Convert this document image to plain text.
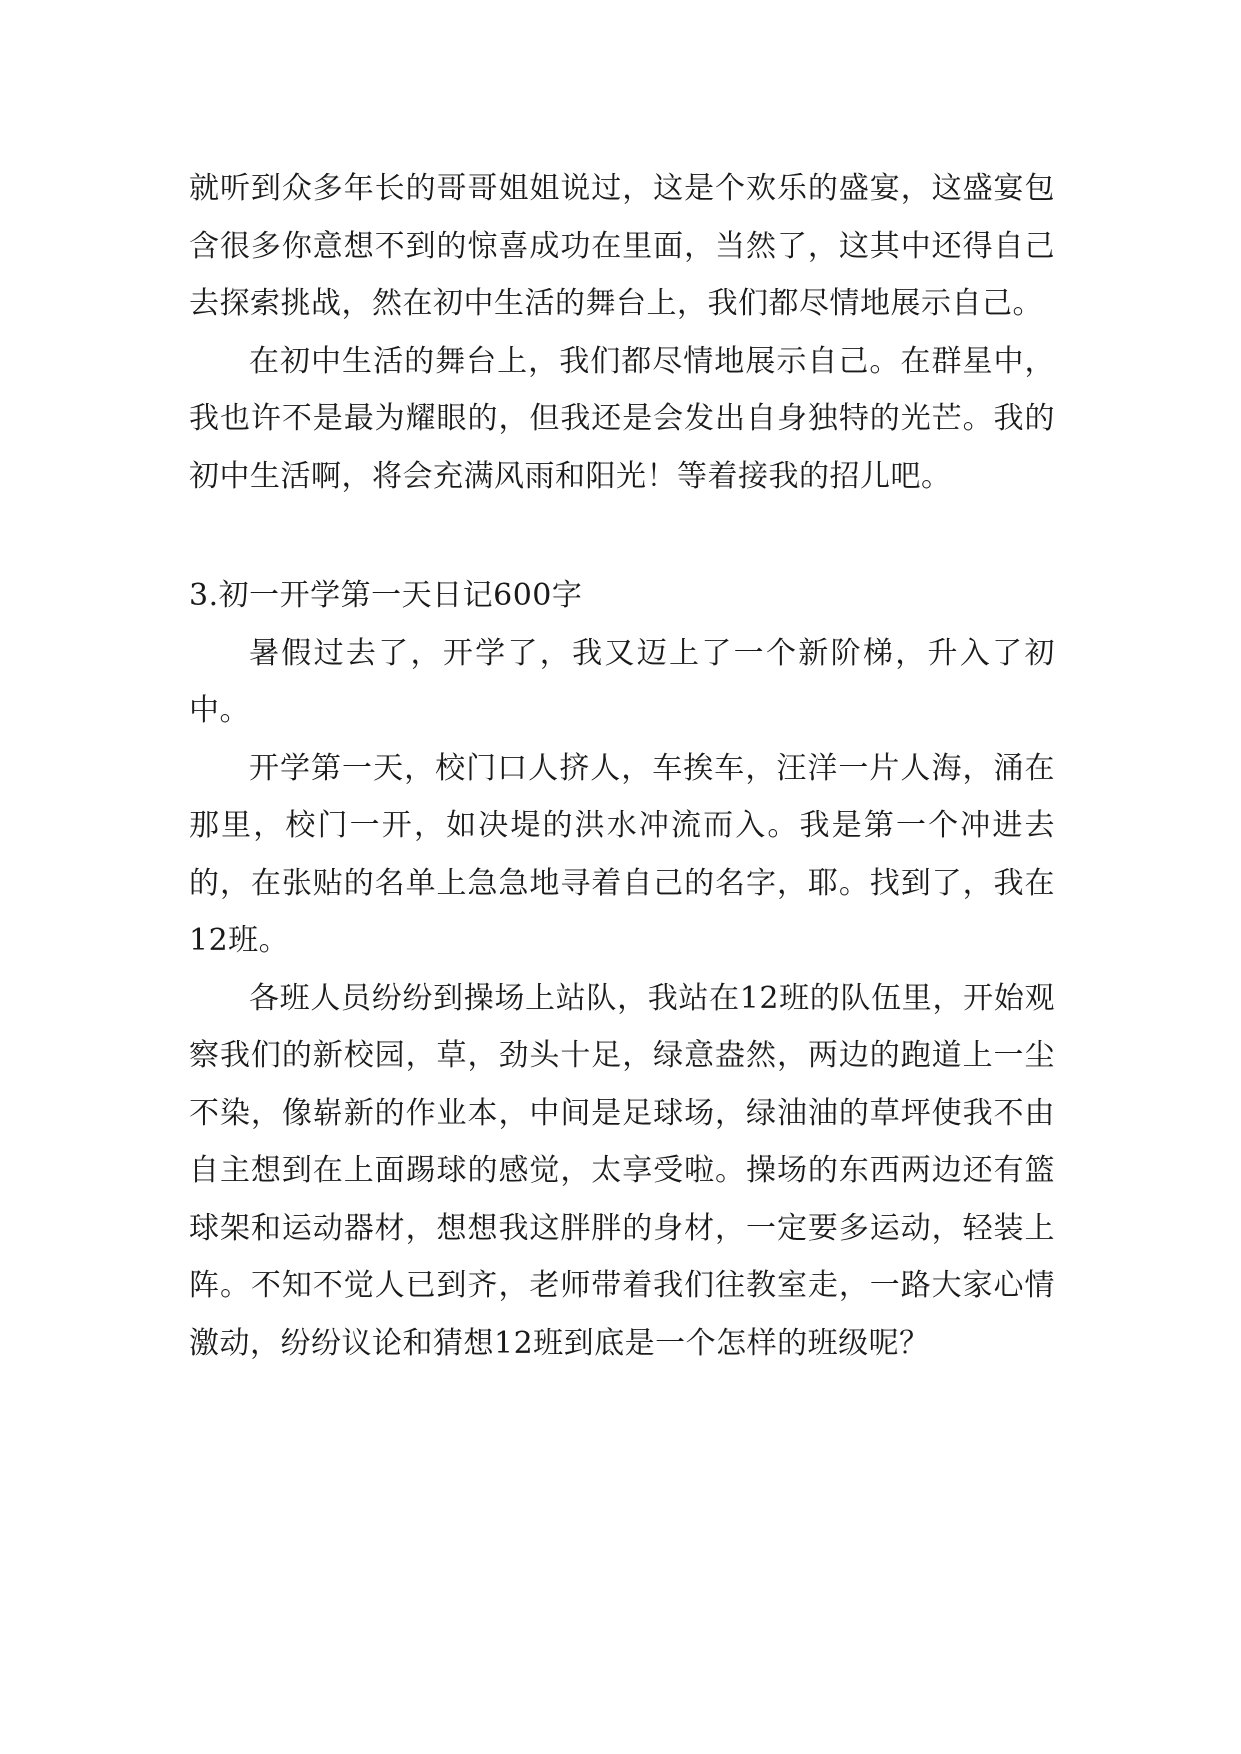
就听到众多年长的哥哥姐姐说过，这是个欢乐的盛宴，这盛宴包含很多你意想不到的惊喜成功在里面，当然了，这其中还得自己去探索挑战，然在初中生活的舞台上，我们都尽情地展示自己。

在初中生活的舞台上，我们都尽情地展示自己。在群星中，我也许不是最为耀眼的，但我还是会发出自身独特的光芒。我的初中生活啊，将会充满风雨和阳光！等着接我的招儿吧。

3.初一开学第一天日记600字

暑假过去了，开学了，我又迈上了一个新阶梯，升入了初中。

开学第一天，校门口人挤人，车挨车，汪洋一片人海，涌在那里，校门一开，如决堤的洪水冲流而入。我是第一个冲进去的，在张贴的名单上急急地寻着自己的名字，耶。找到了，我在12班。

各班人员纷纷到操场上站队，我站在12班的队伍里，开始观察我们的新校园，草，劲头十足，绿意盎然，两边的跑道上一尘不染，像崭新的作业本，中间是足球场，绿油油的草坪使我不由自主想到在上面踢球的感觉，太享受啦。操场的东西两边还有篮球架和运动器材，想想我这胖胖的身材，一定要多运动，轻装上阵。不知不觉人已到齐，老师带着我们往教室走，一路大家心情激动，纷纷议论和猜想12班到底是一个怎样的班级呢？
